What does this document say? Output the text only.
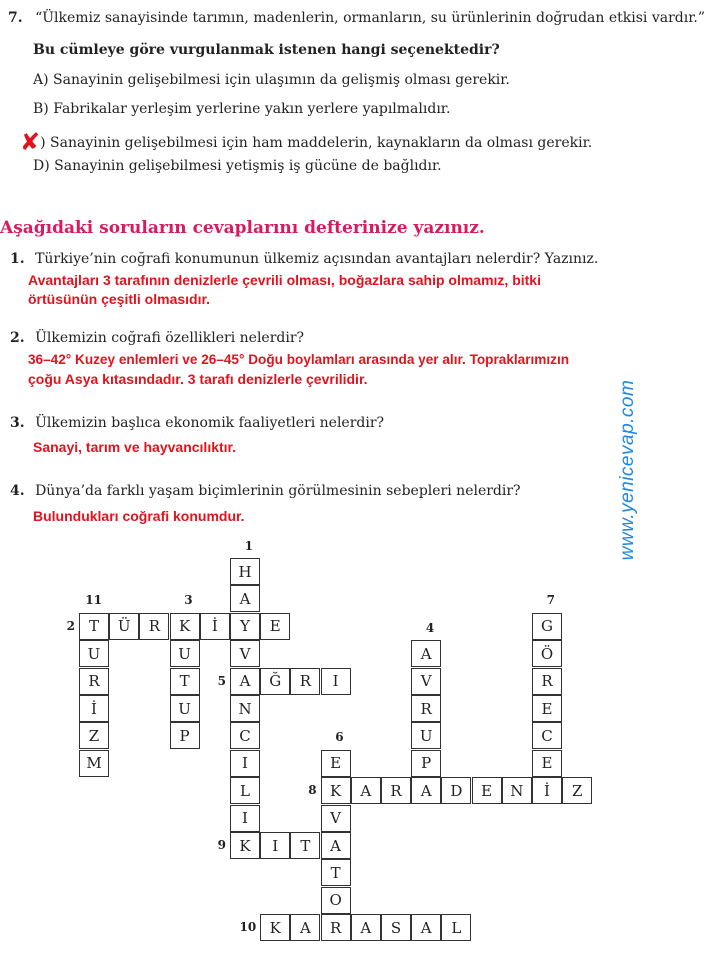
7. “Ülkemiz sanayisinde tarımın, madenlerin, ormanların, su ürünlerinin doğrudan etkisi vardır.”
Bu cümleye göre vurgulanmak istenen hangi seçenektedir?
A) Sanayinin gelişebilmesi için ulaşımın da gelişmiş olması gerekir.
B) Fabrikalar yerleşim yerlerine yakın yerlere yapılmalıdır.
✘) Sanayinin gelişebilmesi için ham maddelerin, kaynakların da olması gerekir.
D) Sanayinin gelişebilmesi yetişmiş iş gücüne de bağlıdır.
Aşağıdaki soruların cevaplarını defterinize yazınız.
1. Türkiye’nin coğrafi konumunun ülkemiz açısından avantajları nelerdir? Yazınız.
Avantajları 3 tarafının denizlerle çevrili olması, boğazlara sahip olmamız, bitki
örtüsünün çeşitli olmasıdır.
2. Ülkemizin coğrafi özellikleri nelerdir?
36–42° Kuzey enlemleri ve 26–45° Doğu boylamları arasında yer alır. Topraklarımızın
çoğu Asya kıtasındadır. 3 tarafı denizlerle çevrilidir.
3. Ülkemizin başlıca ekonomik faaliyetleri nelerdir?
Sanayi, tarım ve hayvancılıktır.
4. Dünya’da farklı yaşam biçimlerinin görülmesinin sebepleri nelerdir?
Bulundukları coğrafi konumdur.	www.yenicevap.com
H
A
T	Ü	R	K	İ	Y	E
U	U	V
R	T	A	Ğ	R	I
İ	U	N
Z	P	C
M	I
L
I
K	I	T	A
A
V
R
U
P
A
E
K
V
T
O
R
A	R	D	E	N	İ	Z
G
Ö
R
E
C
E
K	A	A	S	A	L
1
11	3	7
2	4
5
6
8
9
10
